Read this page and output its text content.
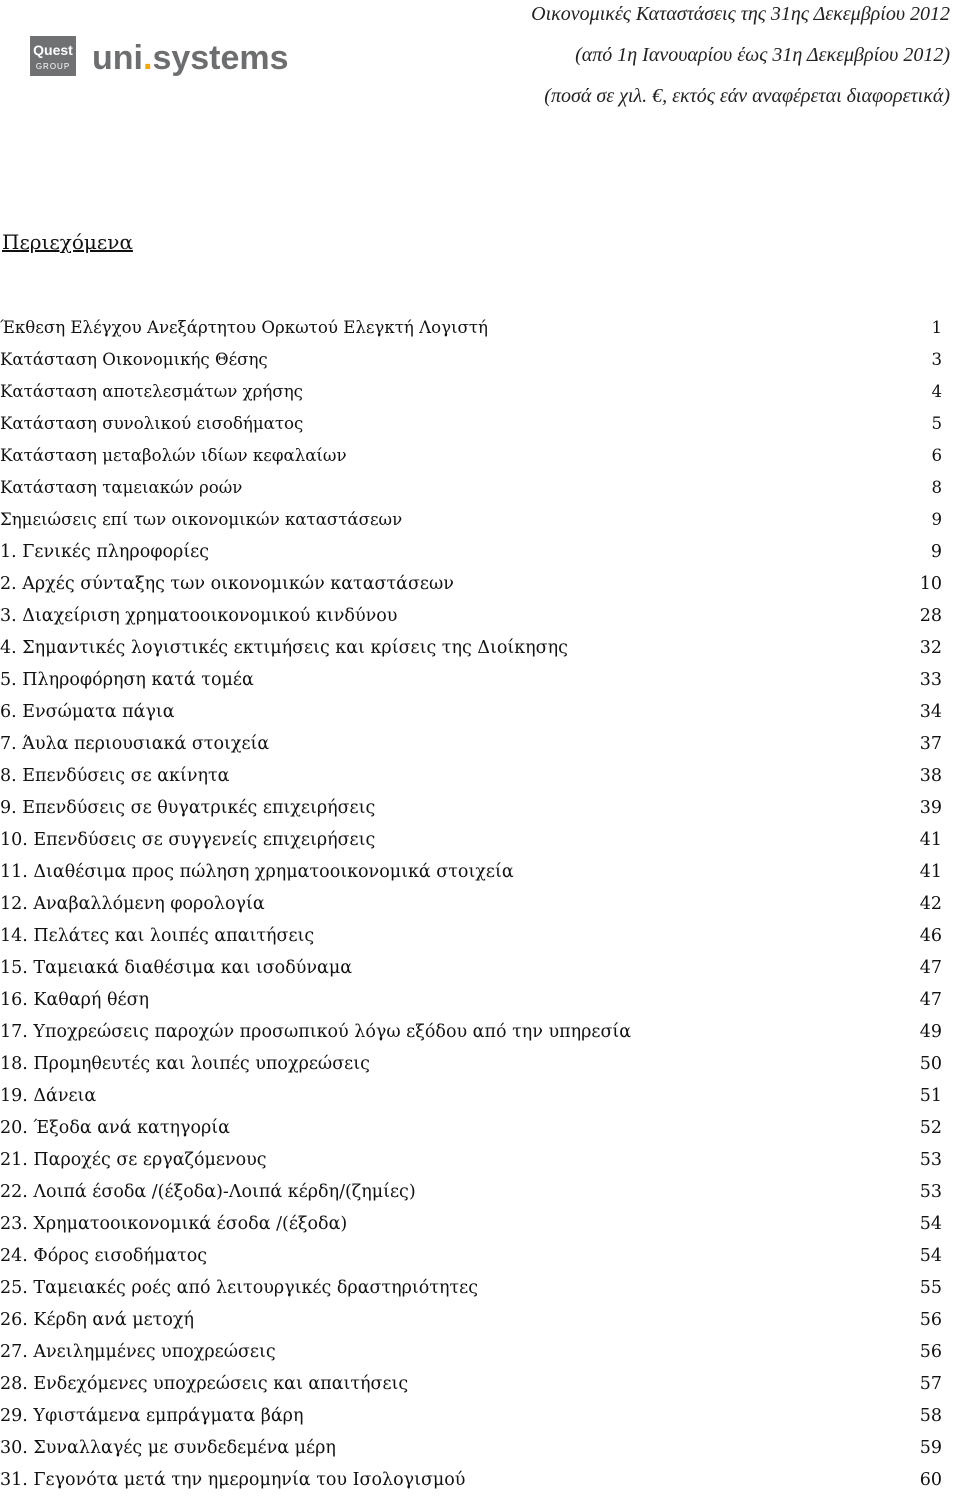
Quest
GROUP uni.systems
Οικονομικές Καταστάσεις της 31ης Δεκεμβρίου 2012
(από 1η Ιανουαρίου έως 31η Δεκεμβρίου 2012)
(ποσά σε χιλ. €, εκτός εάν αναφέρεται διαφορετικά)
Περιεχόμενα
Έκθεση Ελέγχου Ανεξάρτητου Ορκωτού Ελεγκτή Λογιστή	1
Κατάσταση Οικονομικής Θέσης	3
Κατάσταση αποτελεσμάτων χρήσης	4
Κατάσταση συνολικού εισοδήματος	5
Κατάσταση μεταβολών ιδίων κεφαλαίων	6
Κατάσταση ταμειακών ροών	8
Σημειώσεις επί των οικονομικών καταστάσεων	9
1. Γενικές πληροφορίες	9
2. Αρχές σύνταξης των οικονομικών καταστάσεων	10
3. Διαχείριση χρηματοοικονομικού κινδύνου	28
4. Σημαντικές λογιστικές εκτιμήσεις και κρίσεις της Διοίκησης	32
5. Πληροφόρηση κατά τομέα	33
6. Ενσώματα πάγια	34
7. Άυλα περιουσιακά στοιχεία	37
8. Επενδύσεις σε ακίνητα	38
9. Επενδύσεις σε θυγατρικές επιχειρήσεις	39
10. Επενδύσεις σε συγγενείς επιχειρήσεις	41
11. Διαθέσιμα προς πώληση χρηματοοικονομικά στοιχεία	41
12. Αναβαλλόμενη φορολογία	42
14. Πελάτες και λοιπές απαιτήσεις	46
15. Ταμειακά διαθέσιμα και ισοδύναμα	47
16. Καθαρή θέση	47
17. Υποχρεώσεις παροχών προσωπικού λόγω εξόδου από την υπηρεσία	49
18. Προμηθευτές και λοιπές υποχρεώσεις	50
19. Δάνεια	51
20. Έξοδα ανά κατηγορία	52
21. Παροχές σε εργαζόμενους	53
22. Λοιπά έσοδα /(έξοδα)-Λοιπά κέρδη/(ζημίες)	53
23. Χρηματοοικονομικά έσοδα /(έξοδα)	54
24. Φόρος εισοδήματος	54
25. Ταμειακές ροές από λειτουργικές δραστηριότητες	55
26. Κέρδη ανά μετοχή	56
27. Ανειλημμένες υποχρεώσεις	56
28. Ενδεχόμενες υποχρεώσεις και απαιτήσεις	57
29. Υφιστάμενα εμπράγματα βάρη	58
30. Συναλλαγές με συνδεδεμένα μέρη	59
31. Γεγονότα μετά την ημερομηνία του Ισολογισμού	60
